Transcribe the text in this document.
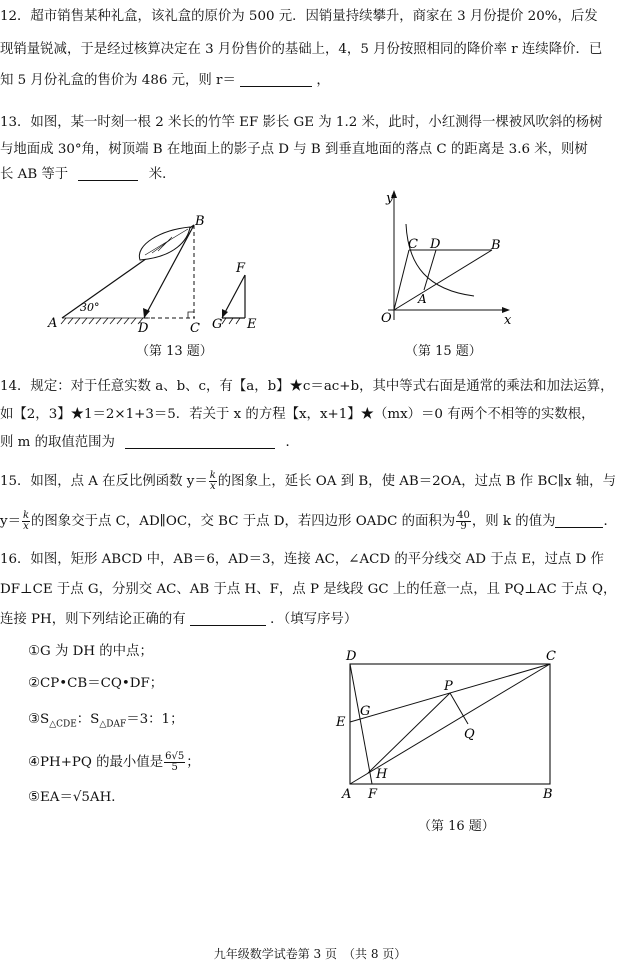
12．超市销售某种礼盒，该礼盒的原价为 500 元．因销量持续攀升，商家在 3 月份提价 20%，后发
现销量锐减，于是经过核算决定在 3 月份售价的基础上，4，5 月份按照相同的降价率 r 连续降价．已
知 5 月份礼盒的售价为 486 元，则 r＝	，
13．如图，某一时刻一根 2 米长的竹竿 EF 影长 GE 为 1.2 米，此时，小红测得一棵被风吹斜的杨树
与地面成 30°角，树顶端 B 在地面上的影子点 D 与 B 到垂直地面的落点 C 的距离是 3.6 米，则树
长 AB 等于	米．
30°
A
B
C
D	E
F
G
（第 13 题）
y
x
O
A
B
C D
（第 15 题）
14．规定：对于任意实数 a、b、c，有【a，b】★c＝ac+b，其中等式右面是通常的乘法和加法运算，
如【2，3】★1＝2×1+3＝5．若关于 x 的方程【x，x+1】★（mx）＝0 有两个不相等的实数根，
则 m 的取值范围为	．
15．如图，点 A 在反比例函数 $y= \frac{k}{x}$ 的图象上，延长 OA 到 B，使 AB＝2OA，过点 B 作 BC∥x 轴，与
$y= \frac{k}{x}$ 的图象交于点 C，AD∥OC，交 BC 于点 D，若四边形 OADC 的面积为 $\frac{40}{9}$ ，则 k 的值为	．
16．如图，矩形 ABCD 中，AB＝6，AD＝3，连接 AC，∠ACD 的平分线交 AD 于点 E，过点 D 作
DF⊥CE 于点 G，分别交 AC、AB 于点 H、F，点 P 是线段 GC 上的任意一点，且 PQ⊥AC 于点 Q，
连接 PH，则下列结论正确的有	．（填写序号）
①G 为 DH 的中点；
②CP•CB＝CQ•DF；
$③S_{\triangle CDE}$：$S_{\triangle DAF}=3$：1；
④PH+PQ 的最小值是 $\frac{6√5}{5}$ ；
⑤EA＝√5AH．
D	C
A	B
E
F
G
H
P
Q
（第 16 题）
九年级数学试卷第 3 页　（共 8 页）
